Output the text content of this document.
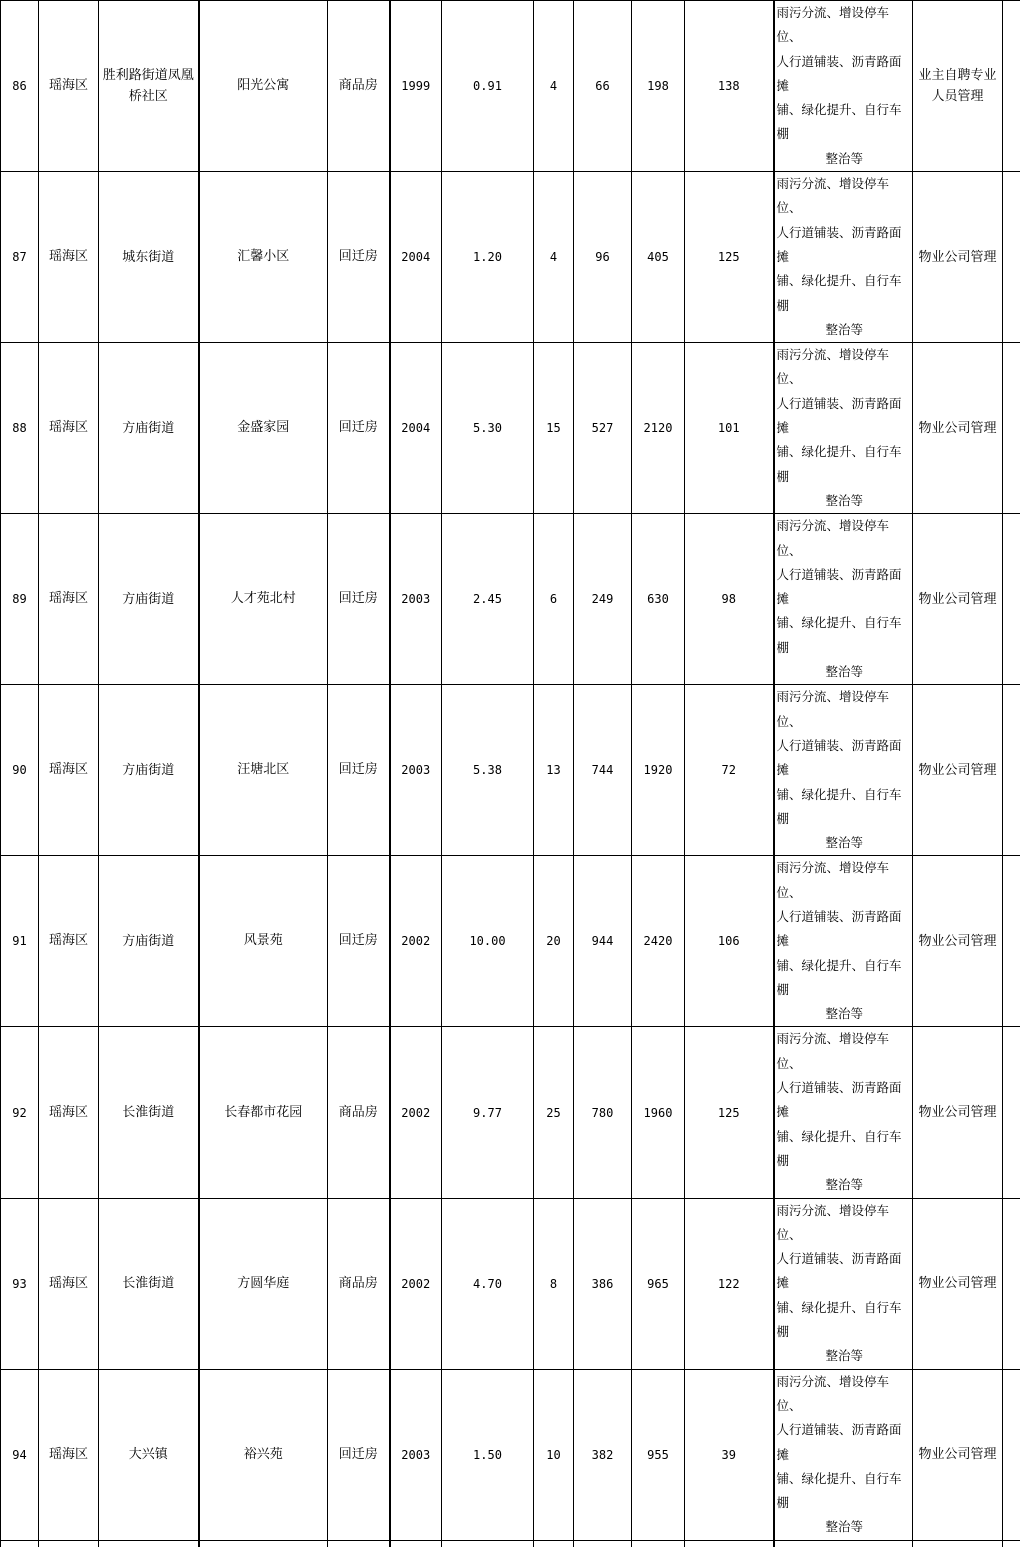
86	瑶海区	胜利路街道凤凰桥社区	阳光公寓	商品房	1999	0.91	4	66	198	138	雨污分流、增设停车位、
人行道铺装、沥青路面摊
铺、绿化提升、自行车棚

整治等	业主自聘专业人员管理	
87	瑶海区	城东街道	汇馨小区	回迁房	2004	1.20	4	96	405	125	雨污分流、增设停车位、
人行道铺装、沥青路面摊
铺、绿化提升、自行车棚

整治等	物业公司管理	
88	瑶海区	方庙街道	金盛家园	回迁房	2004	5.30	15	527	2120	101	雨污分流、增设停车位、
人行道铺装、沥青路面摊
铺、绿化提升、自行车棚

整治等	物业公司管理	
89	瑶海区	方庙街道	人才苑北村	回迁房	2003	2.45	6	249	630	98	雨污分流、增设停车位、
人行道铺装、沥青路面摊
铺、绿化提升、自行车棚

整治等	物业公司管理	
90	瑶海区	方庙街道	汪塘北区	回迁房	2003	5.38	13	744	1920	72	雨污分流、增设停车位、
人行道铺装、沥青路面摊
铺、绿化提升、自行车棚

整治等	物业公司管理	
91	瑶海区	方庙街道	风景苑	回迁房	2002	10.00	20	944	2420	106	雨污分流、增设停车位、
人行道铺装、沥青路面摊
铺、绿化提升、自行车棚

整治等	物业公司管理	
92	瑶海区	长淮街道	长春都市花园	商品房	2002	9.77	25	780	1960	125	雨污分流、增设停车位、
人行道铺装、沥青路面摊
铺、绿化提升、自行车棚

整治等	物业公司管理	
93	瑶海区	长淮街道	方圆华庭	商品房	2002	4.70	8	386	965	122	雨污分流、增设停车位、
人行道铺装、沥青路面摊
铺、绿化提升、自行车棚

整治等	物业公司管理	
94	瑶海区	大兴镇	裕兴苑	回迁房	2003	1.50	10	382	955	39	雨污分流、增设停车位、
人行道铺装、沥青路面摊
铺、绿化提升、自行车棚

整治等	物业公司管理	
